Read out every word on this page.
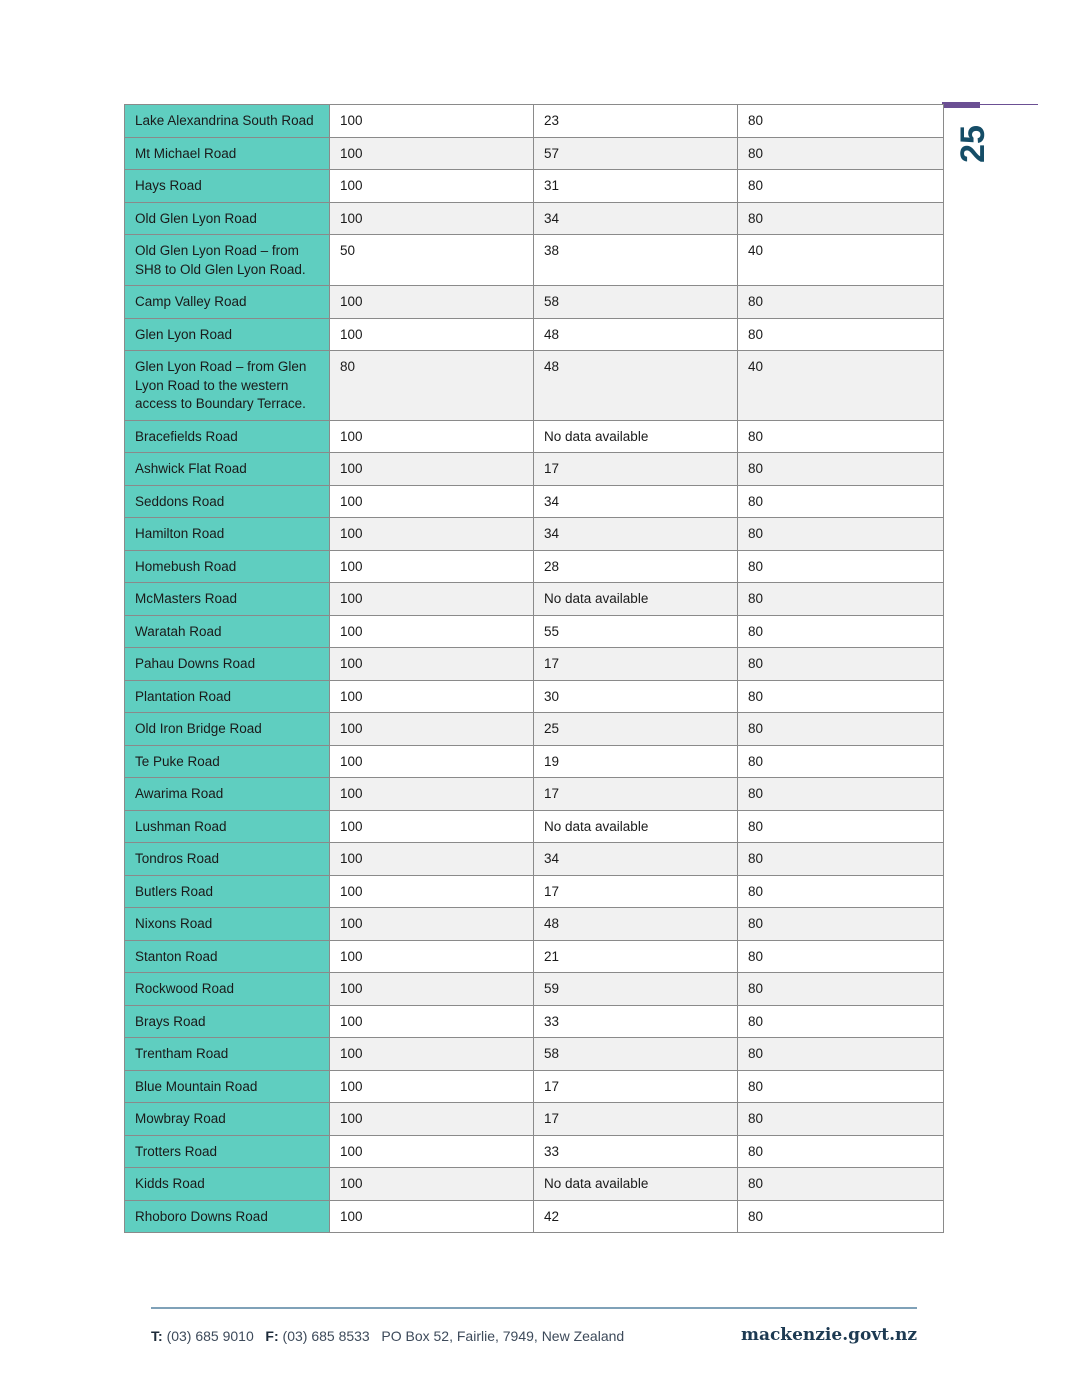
25
Lake Alexandrina South Road	100	23	80
Mt Michael Road	100	57	80
Hays Road	100	31	80
Old Glen Lyon Road	100	34	80
Old Glen Lyon Road – from SH8 to Old Glen Lyon Road.	50	38	40
Camp Valley Road	100	58	80
Glen Lyon Road	100	48	80
Glen Lyon Road – from Glen Lyon Road to the western access to Boundary Terrace.	80	48	40
Bracefields Road	100	No data available	80
Ashwick Flat Road	100	17	80
Seddons Road	100	34	80
Hamilton Road	100	34	80
Homebush Road	100	28	80
McMasters Road	100	No data available	80
Waratah Road	100	55	80
Pahau Downs Road	100	17	80
Plantation Road	100	30	80
Old Iron Bridge Road	100	25	80
Te Puke Road	100	19	80
Awarima Road	100	17	80
Lushman Road	100	No data available	80
Tondros Road	100	34	80
Butlers Road	100	17	80
Nixons Road	100	48	80
Stanton Road	100	21	80
Rockwood Road	100	59	80
Brays Road	100	33	80
Trentham Road	100	58	80
Blue Mountain Road	100	17	80
Mowbray Road	100	17	80
Trotters Road	100	33	80
Kidds Road	100	No data available	80
Rhoboro Downs Road	100	42	80
T: (03) 685 9010 F: (03) 685 8533 PO Box 52, Fairlie, 7949, New Zealand	mackenzie.govt.nz
